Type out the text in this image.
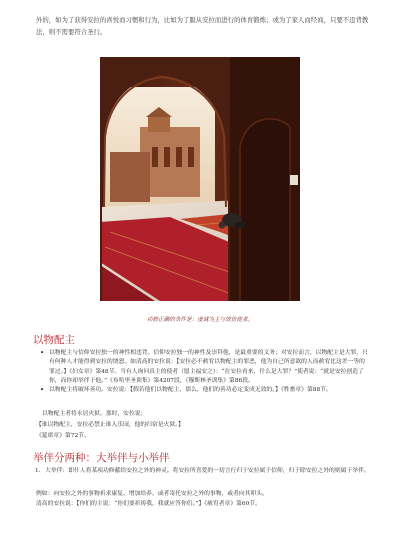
外的，如为了获得安拉的喜悦而习惯和行为，比如为了服从安拉而进行的体育锻炼；或为了家人而经商，只要不违背教法，则不需要符合圣行。
功修正确的条件是：虔诚为主与效仿使者。
以物配主
• 以物配主与信仰安拉独一的神性相违背。信仰安拉独一的神性及崇拜他，是最重要的义务；对安拉而言，以物配主是大罪，只有何种人才能得到安拉的饶恕。如清高的安拉说：【安拉必不赦宥以物配主的罪恶，他为自己所意欲的人而赦宥比这差一等的罪过。】《妇女章》第48节。当有人询问真主的使者（愿主福安之）：“在安拉看来，什么是大罪？”使者说：“就是安拉创造了你，而你却举伴于他。”《布哈里圣训集》第4207段，《穆斯林圣训集》第86段。
• 以物配主将破坏善功。安拉说：【假若他们以物配主，那么，他们的善功必定变成无效的。】《牲畜章》第88节。
以物配主者将永居火狱。那时，安拉说：
【谁以物配主，安拉必禁止谁入乐园，他的归宿是火狱。】
《筵席章》第72节。
举伴分两种：大举伴与小举伴
1. 大举伴：即什人将某项功修献给安拉之外的神灵。将安拉所喜爱的一切言行归于安拉属于信仰，归于除安拉之外的则属于举伴。
例如：向安拉之外的事物祈求康复、增加给养，或者寄托安拉之外的事物，或者向其叩头。
清高的安拉说：【你们的主说：“你们要祈祷我，我就应答你们。”】《赦宥者章》第60节。
